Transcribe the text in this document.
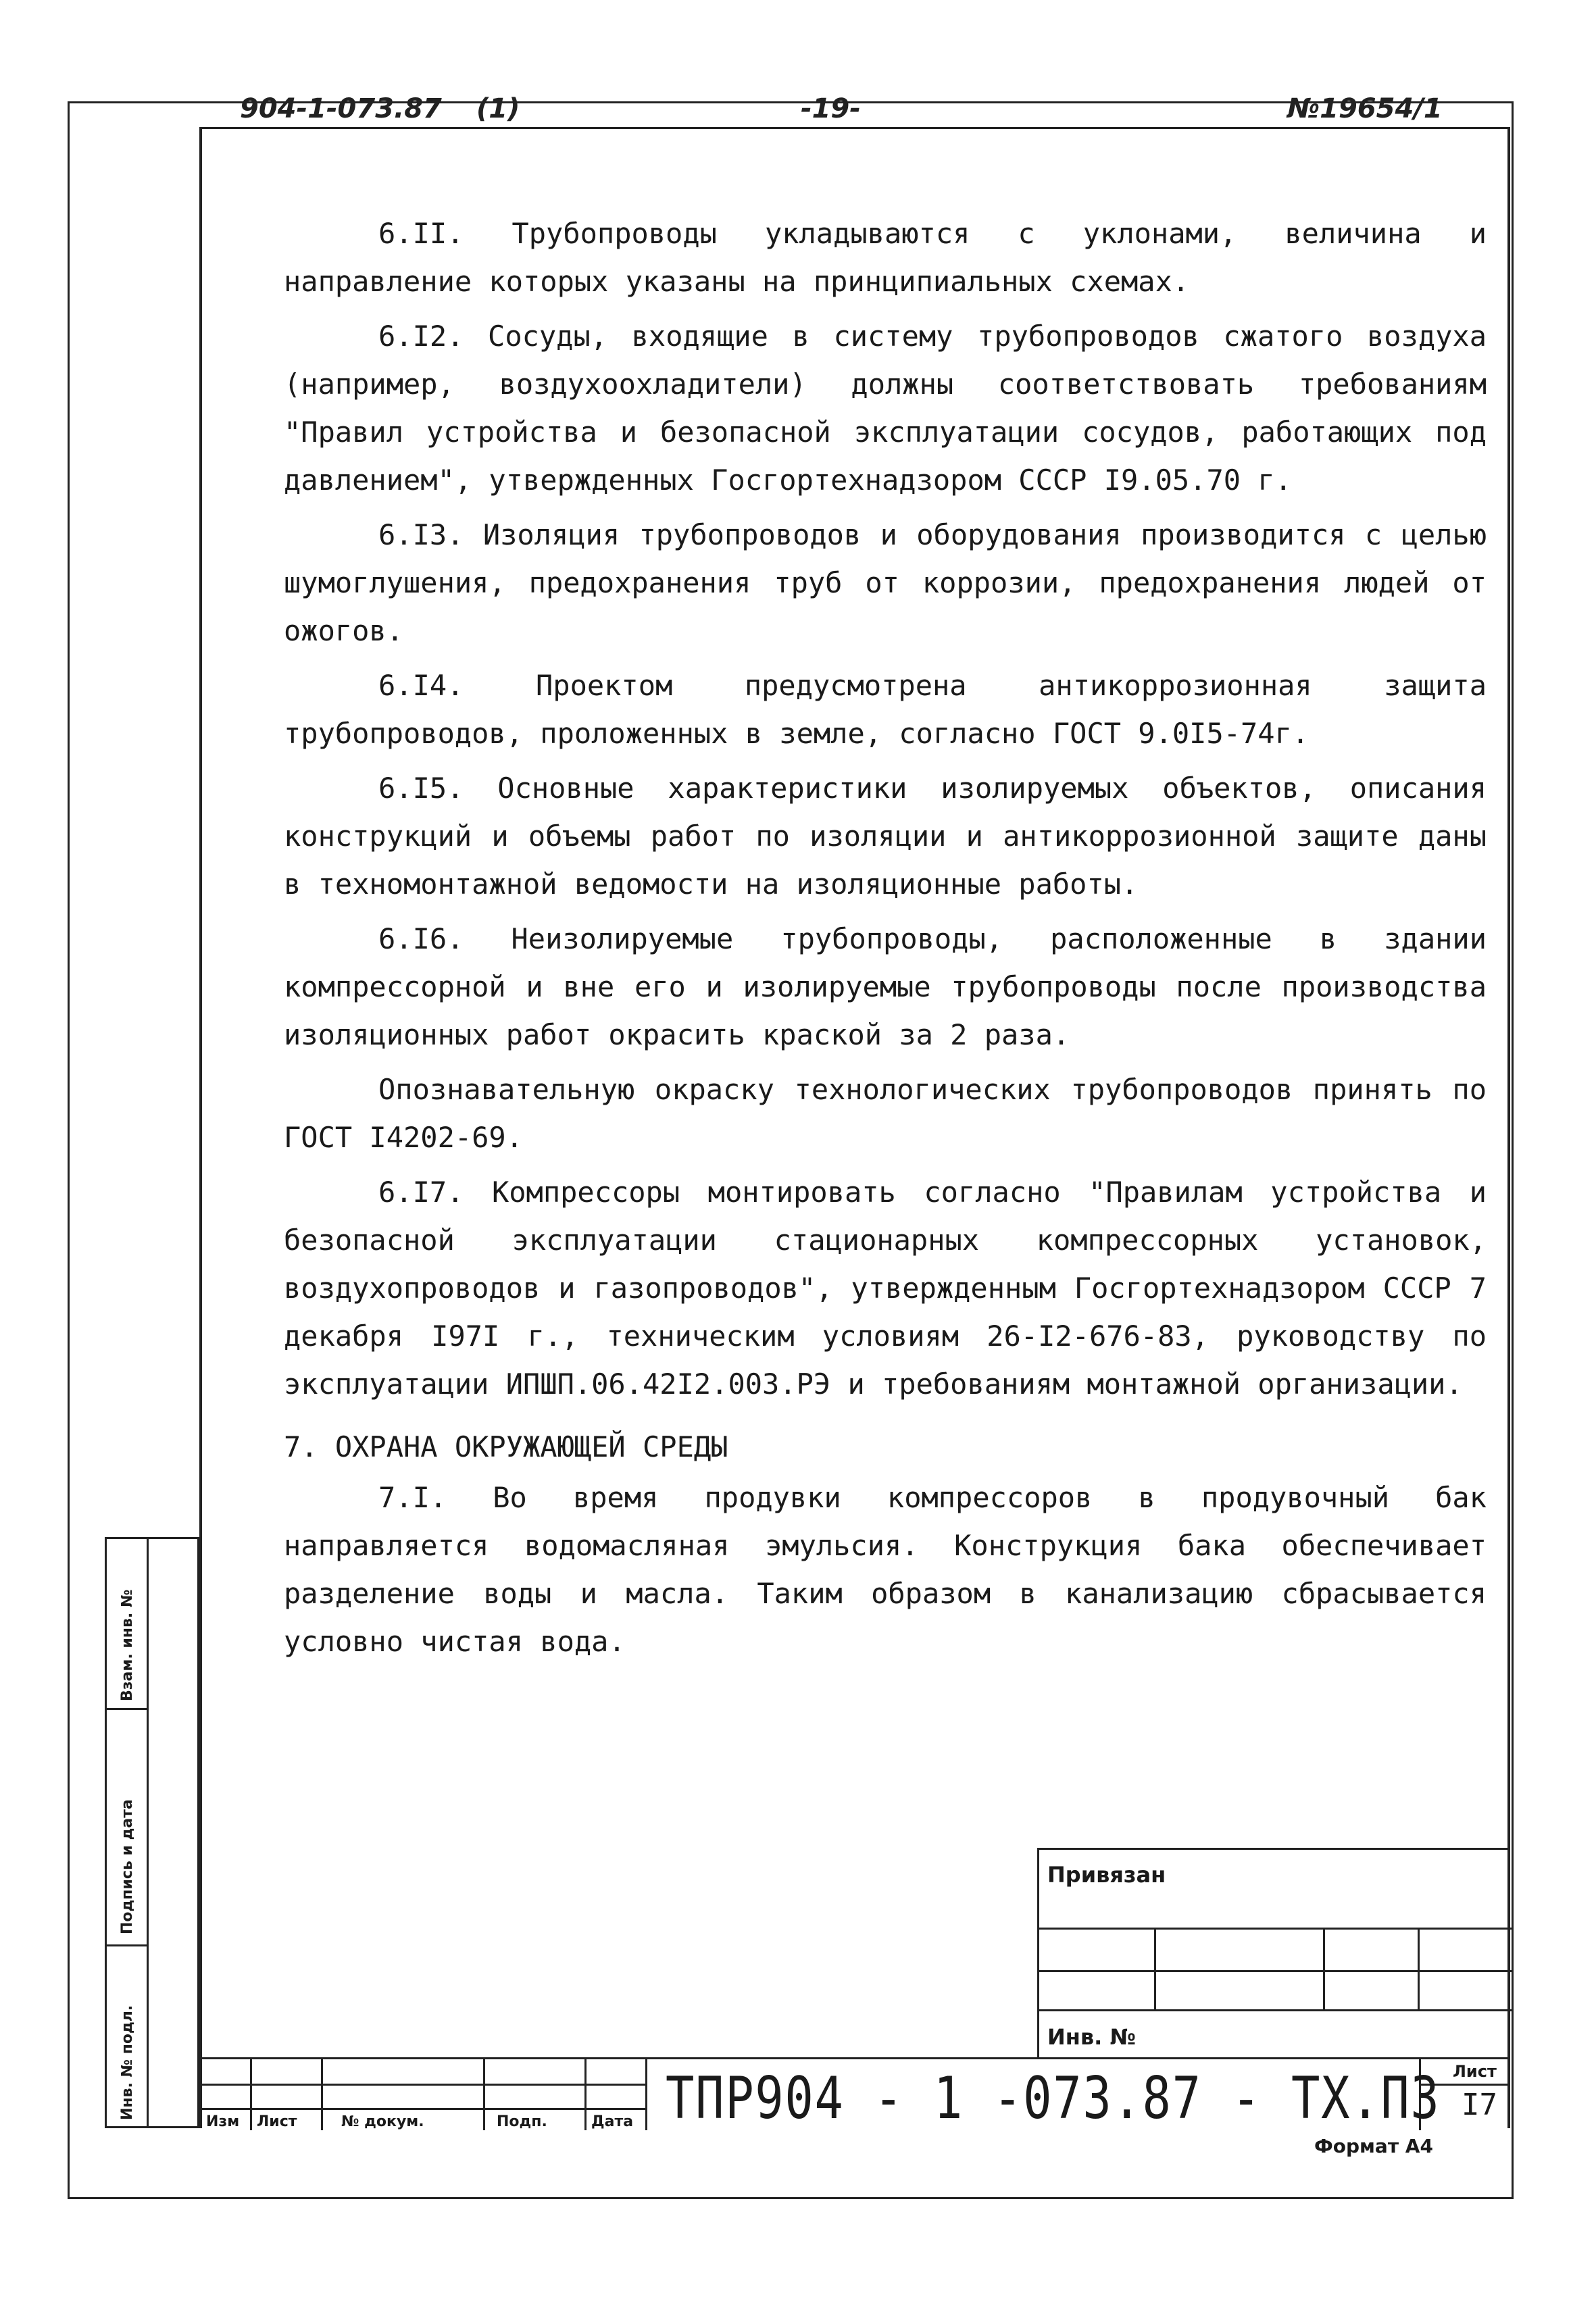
904-1-073.87 (1)	-19-	№19654/1

6.II. Трубопроводы укладываются с уклонами, величина и направление которых указаны на принципиальных схемах.

6.I2. Сосуды, входящие в систему трубопроводов сжатого воздуха (например, воздухоохладители) должны соответствовать требованиям "Правил устройства и безопасной эксплуатации сосудов, работающих под давлением", утвержденных Госгортехнадзором СССР I9.05.70 г.

6.I3. Изоляция трубопроводов и оборудования производится с целью шумоглушения, предохранения труб от коррозии, предохранения людей от ожогов.

6.I4. Проектом предусмотрена антикоррозионная защита трубопроводов, проложенных в земле, согласно ГОСТ 9.0I5-74г.

6.I5. Основные характеристики изолируемых объектов, описания конструкций и объемы работ по изоляции и антикоррозионной защите даны в техномонтажной ведомости на изоляционные работы.

6.I6. Неизолируемые трубопроводы, расположенные в здании компрессорной и вне его и изолируемые трубопроводы после производства изоляционных работ окрасить краской за 2 раза.

Опознавательную окраску технологических трубопроводов принять по ГОСТ I4202-69.

6.I7. Компрессоры монтировать согласно "Правилам устройства и безопасной эксплуатации стационарных компрессорных установок, воздухопроводов и газопроводов", утвержденным Госгортехнадзором СССР 7 декабря I97I г., техническим условиям 26-I2-676-83, руководству по эксплуатации ИПШП.06.42I2.003.РЭ и требованиям монтажной организации.

7. ОХРАНА ОКРУЖАЮЩЕЙ СРЕДЫ

7.I. Во время продувки компрессоров в продувочный бак направляется водомасляная эмульсия. Конструкция бака обеспечивает разделение воды и масла. Таким образом в канализацию сбрасывается условно чистая вода.

Взам. инв. №
Подпись и дата
Инв. № подл.
Привязан
Инв. №
Изм Лист	№ докум.	Подп.	Дата ТПР904 - 1 -073.87 - ТХ.ПЗ Лист
I7
Формат А4
